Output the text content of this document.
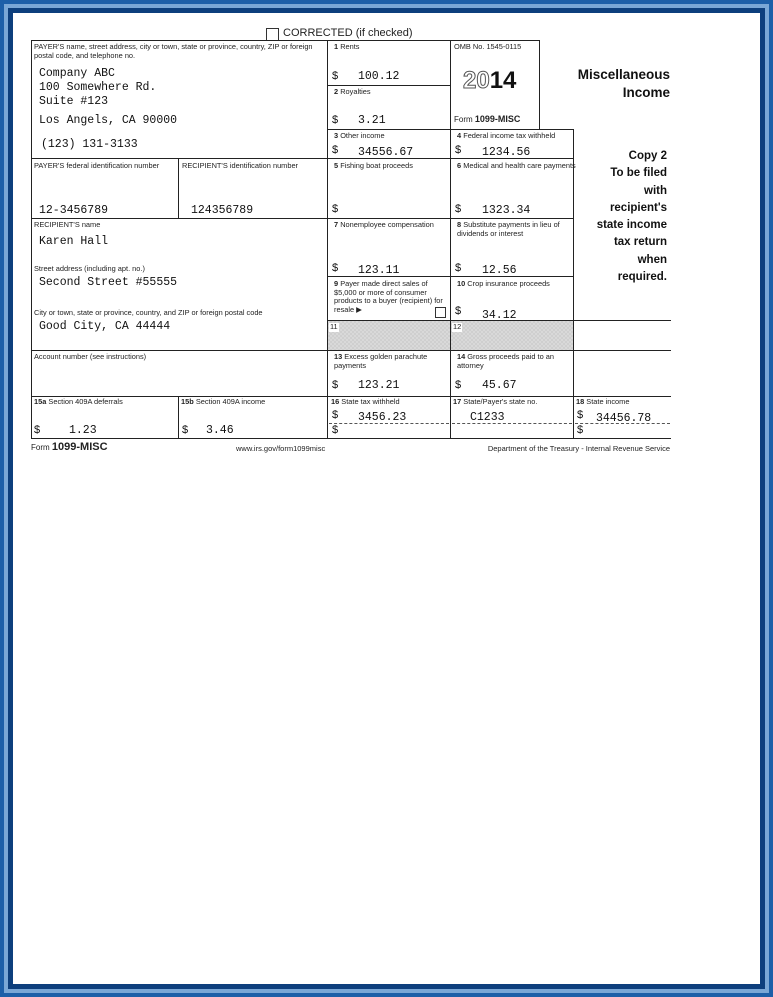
CORRECTED (if checked)
11	12
PAYER'S name, street address, city or town, state or province, country, ZIP or foreign postal code, and telephone no.
Company ABC
100 Somewhere Rd.
Suite #123
Los Angels, CA 90000
(123) 131-3133
1 Rents
$ 100.12
2 Royalties
$ 3.21
OMB No. 1545-0115
2014
Form 1099-MISC
Miscellaneous
Income
3 Other income
$ 34556.67
4 Federal income tax withheld
$ 1234.56
PAYER'S federal identification number	RECIPIENT'S identification number
12-3456789	124356789
5 Fishing boat proceeds
$
6 Medical and health care payments
$ 1323.34
Copy 2
To be filed
with
recipient's
state income
tax return
when
required.
RECIPIENT'S name
Karen Hall
Street address (including apt. no.)
Second Street #55555
City or town, state or province, country, and ZIP or foreign postal code
Good City, CA 44444
7 Nonemployee compensation
$ 123.11
8 Substitute payments in lieu of dividends or interest
$ 12.56
9 Payer made direct sales of $5,000 or more of consumer products to a buyer (recipient) for resale ▶
10 Crop insurance proceeds
$ 34.12
Account number (see instructions)	13 Excess golden parachute payments
$ 123.21
14 Gross proceeds paid to an attorney
$ 45.67
15a Section 409A deferrals
$	1.23
15b Section 409A income
$ 3.46
16 State tax withheld
$ 3456.23
$
17 State/Payer's state no.
C1233
18 State income
$ 34456.78
$
Form 1099-MISC	www.irs.gov/form1099misc	Department of the Treasury - Internal Revenue Service
